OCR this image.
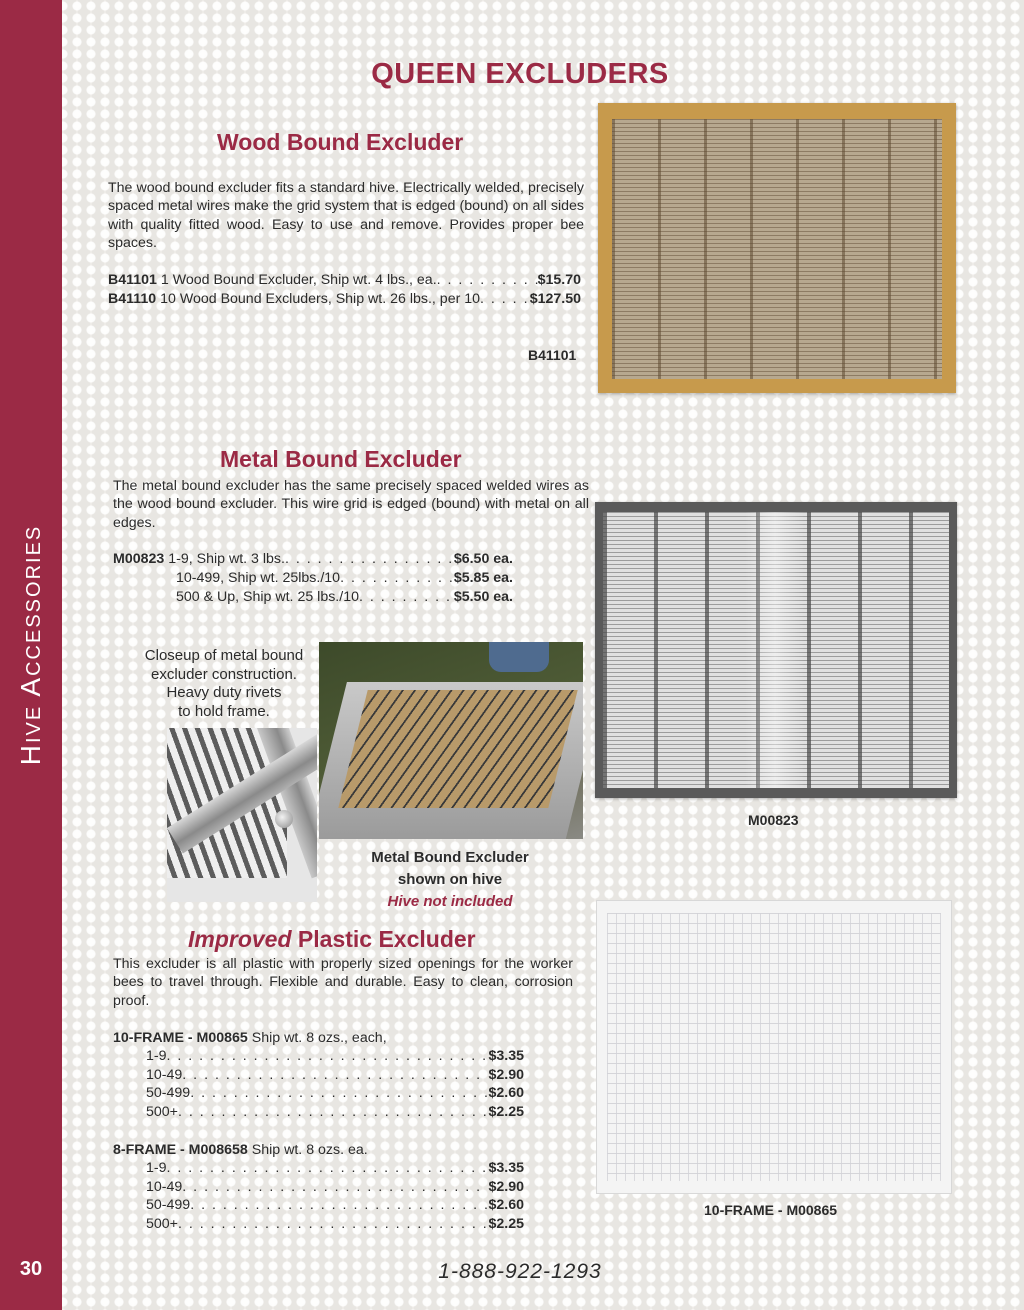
Hive Accessories
30
QUEEN EXCLUDERS
Wood Bound Excluder
The wood bound excluder fits a standard hive. Electrically welded, precisely spaced metal wires make the grid system that is edged (bound) on all sides with quality fitted wood. Easy to use and remove. Provides proper bee spaces.
B41101 1 Wood Bound Excluder, Ship wt. 4 lbs., ea. . . .	$15.70
B41110 10 Wood Bound Excluders, Ship wt. 26 lbs., per 10 . . .	$127.50
B41101
Metal Bound Excluder
The metal bound excluder has the same precisely spaced welded wires as the wood bound excluder. This wire grid is edged (bound) with metal on all edges.
M00823 1-9, Ship wt. 3 lbs. . . .	$6.50 ea.
10-499, Ship wt. 25lbs./10 . . .	$5.85 ea.
500 & Up, Ship wt. 25 lbs./10 . . .	$5.50 ea.
Closeup of metal bound
excluder construction.
Heavy duty rivets
to hold frame.
Metal Bound Excluder
shown on hive
Hive not included
M00823
Improved Plastic Excluder
This excluder is all plastic with properly sized openings for the worker bees to travel through. Flexible and durable. Easy to clean, corrosion proof.
10-FRAME - M00865
Ship wt. 8 ozs., each,
1-9 . . .	$3.35
10-49 . . .	$2.90
50-499 . . .	$2.60
500+ . . .	$2.25
8-FRAME - M008658
Ship wt. 8 ozs. ea.
1-9 . . .	$3.35
10-49 . . .	$2.90
50-499 . . .	$2.60
500+ . . .	$2.25
10-FRAME - M00865
1-888-922-1293
